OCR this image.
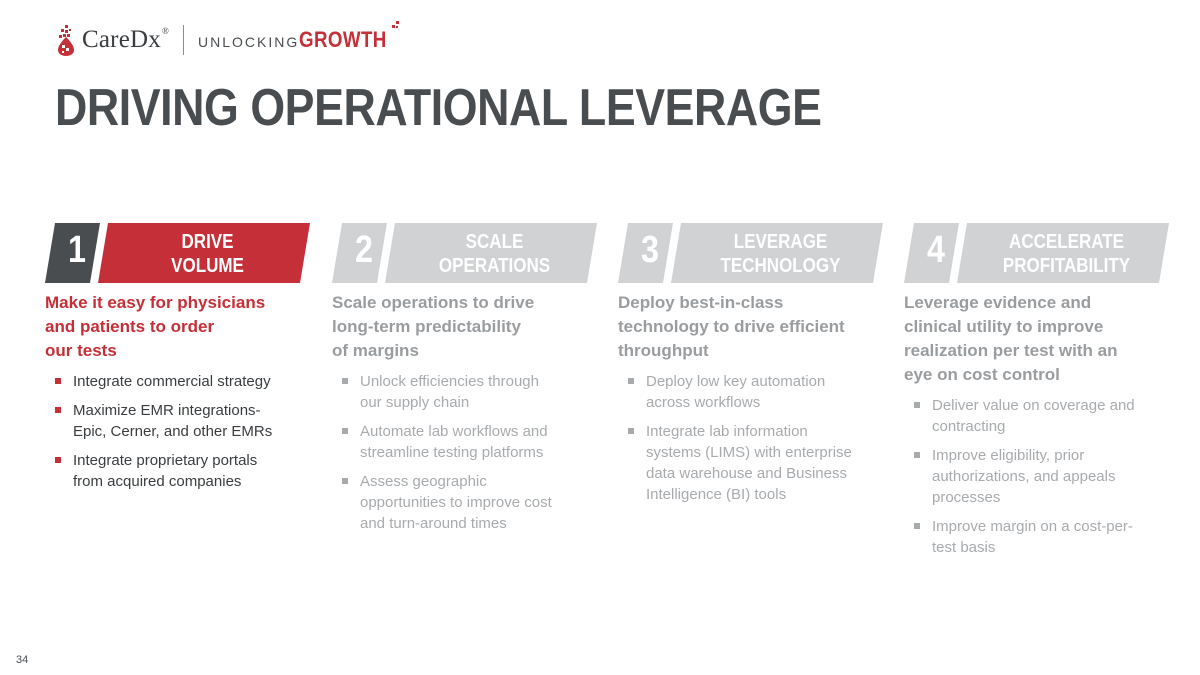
CareDx®
UNLOCKING GROWTH
DRIVING OPERATIONAL LEVERAGE
1	DRIVE
VOLUME
Make it easy for physicians
and patients to order
our tests
Integrate commercial strategy
Maximize EMR integrations-
Epic, Cerner, and other EMRs
Integrate proprietary portals
from acquired companies
2	SCALE
OPERATIONS
Scale operations to drive
long-term predictability
of margins
Unlock efficiencies through
our supply chain
Automate lab workflows and
streamline testing platforms
Assess geographic
opportunities to improve cost
and turn-around times
3	LEVERAGE
TECHNOLOGY
Deploy best-in-class
technology to drive efficient
throughput
Deploy low key automation
across workflows
Integrate lab information
systems (LIMS) with enterprise
data warehouse and Business
Intelligence (BI) tools
4	ACCELERATE
PROFITABILITY
Leverage evidence and
clinical utility to improve
realization per test with an
eye on cost control
Deliver value on coverage and
contracting
Improve eligibility, prior
authorizations, and appeals
processes
Improve margin on a cost-per-
test basis
34
